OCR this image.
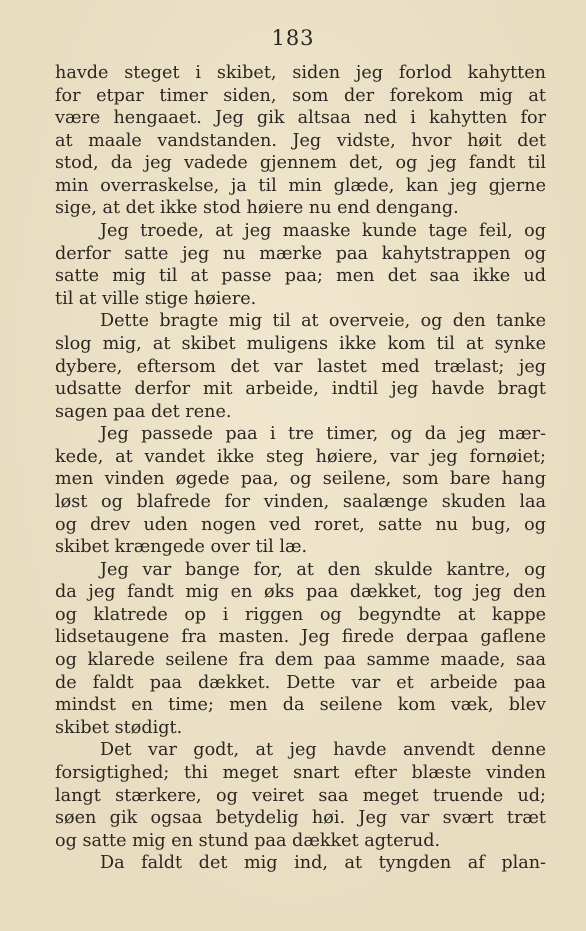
183
havde steget i skibet, siden jeg forlod kahytten
for etpar timer siden, som der forekom mig at
være hengaaet. Jeg gik altsaa ned i kahytten for
at maale vandstanden. Jeg vidste, hvor høit det
stod, da jeg vadede gjennem det, og jeg fandt til
min overraskelse, ja til min glæde, kan jeg gjerne
sige, at det ikke stod høiere nu end dengang.
Jeg troede, at jeg maaske kunde tage feil, og
derfor satte jeg nu mærke paa kahytstrappen og
satte mig til at passe paa; men det saa ikke ud
til at ville stige høiere.
Dette bragte mig til at overveie, og den tanke
slog mig, at skibet muligens ikke kom til at synke
dybere, eftersom det var lastet med trælast; jeg
udsatte derfor mit arbeide, indtil jeg havde bragt
sagen paa det rene.
Jeg passede paa i tre timer, og da jeg mær-
kede, at vandet ikke steg høiere, var jeg fornøiet;
men vinden øgede paa, og seilene, som bare hang
løst og blafrede for vinden, saalænge skuden laa
og drev uden nogen ved roret, satte nu bug, og
skibet krængede over til læ.
Jeg var bange for, at den skulde kantre, og
da jeg fandt mig en øks paa dækket, tog jeg den
og klatrede op i riggen og begyndte at kappe
lidsetaugene fra masten. Jeg firede derpaa gaflene
og klarede seilene fra dem paa samme maade, saa
de faldt paa dækket. Dette var et arbeide paa
mindst en time; men da seilene kom væk, blev
skibet stødigt.
Det var godt, at jeg havde anvendt denne
forsigtighed; thi meget snart efter blæste vinden
langt stærkere, og veiret saa meget truende ud;
søen gik ogsaa betydelig høi. Jeg var svært træt
og satte mig en stund paa dækket agterud.
Da faldt det mig ind, at tyngden af plan-
